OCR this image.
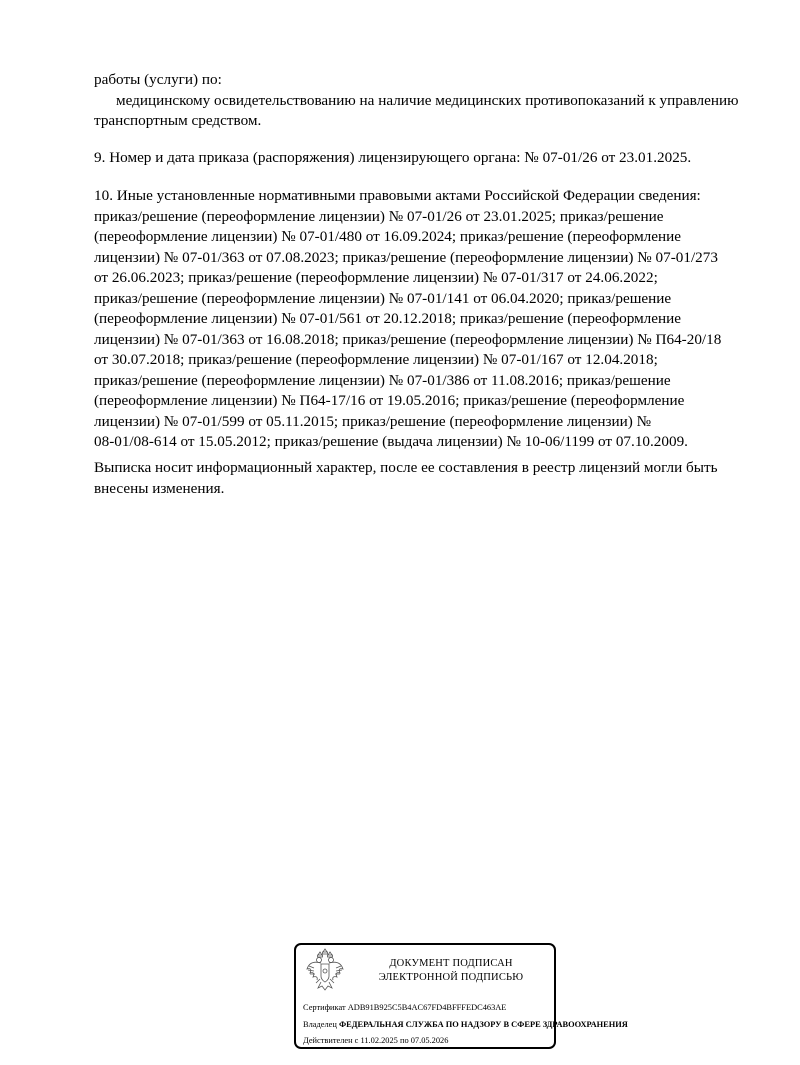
работы (услуги) по:
медицинскому освидетельствованию на наличие медицинских противопоказаний к управлению
транспортным средством.
9. Номер и дата приказа (распоряжения) лицензирующего органа: № 07-01/26 от 23.01.2025.
10. Иные установленные нормативными правовыми актами Российской Федерации сведения:
приказ/решение (переоформление лицензии) № 07-01/26 от 23.01.2025; приказ/решение
(переоформление лицензии) № 07-01/480 от 16.09.2024; приказ/решение (переоформление
лицензии) № 07-01/363 от 07.08.2023; приказ/решение (переоформление лицензии) № 07-01/273
от 26.06.2023; приказ/решение (переоформление лицензии) № 07-01/317 от 24.06.2022;
приказ/решение (переоформление лицензии) № 07-01/141 от 06.04.2020; приказ/решение
(переоформление лицензии) № 07-01/561 от 20.12.2018; приказ/решение (переоформление
лицензии) № 07-01/363 от 16.08.2018; приказ/решение (переоформление лицензии) № П64-20/18
от 30.07.2018; приказ/решение (переоформление лицензии) № 07-01/167 от 12.04.2018;
приказ/решение (переоформление лицензии) № 07-01/386 от 11.08.2016; приказ/решение
(переоформление лицензии) № П64-17/16 от 19.05.2016; приказ/решение (переоформление
лицензии) № 07-01/599 от 05.11.2015; приказ/решение (переоформление лицензии) №
08-01/08-614 от 15.05.2012; приказ/решение (выдача лицензии) № 10-06/1199 от 07.10.2009.
Выписка носит информационный характер, после ее составления в реестр лицензий могли быть
внесены изменения.
ДОКУМЕНТ ПОДПИСАН
ЭЛЕКТРОННОЙ ПОДПИСЬЮ
Сертификат ADB91B925C5B4AC67FD4BFFFEDC463AE
Владелец ФЕДЕРАЛЬНАЯ СЛУЖБА ПО НАДЗОРУ В СФЕРЕ ЗДРАВООХРАНЕНИЯ
Действителен с 11.02.2025 по 07.05.2026
